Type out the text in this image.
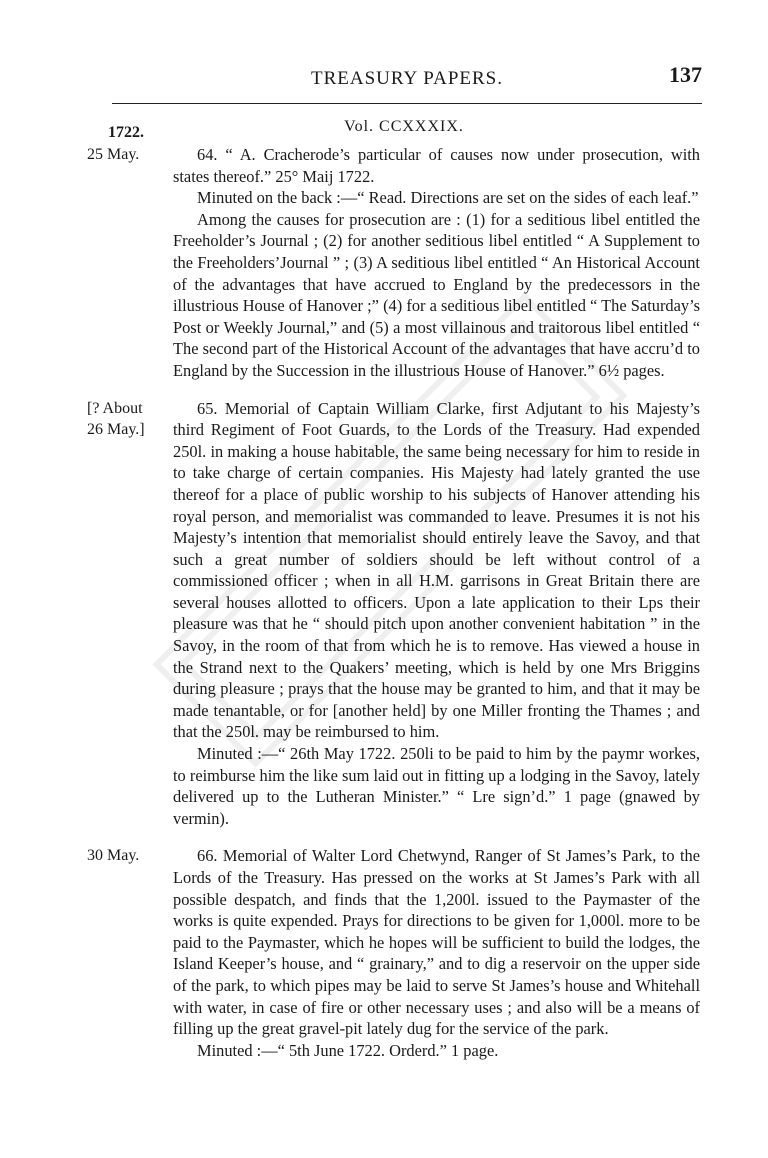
TREASURY PAPERS.	137
1722.	Vol. CCXXXIX.
25 May.	64. “ A. Cracherode’s particular of causes now under prosecution, with states thereof.” 25° Maij 1722.

Minuted on the back :—“ Read. Directions are set on the sides of each leaf.”

Among the causes for prosecution are : (1) for a seditious libel entitled the Freeholder’s Journal ; (2) for another seditious libel entitled “ A Supplement to the Freeholders’Journal ” ; (3) A seditious libel entitled “ An Historical Account of the advantages that have accrued to England by the predecessors in the illustrious House of Hanover ;” (4) for a seditious libel entitled “ The Saturday’s Post or Weekly Journal,” and (5) a most villainous and traitorous libel entitled “ The second part of the Historical Account of the advantages that have accru’d to England by the Succession in the illustrious House of Hanover.” 6½ pages.

[? About
26 May.]

65. Memorial of Captain William Clarke, first Adjutant to his Majesty’s third Regiment of Foot Guards, to the Lords of the Treasury. Had expended 250l. in making a house habitable, the same being necessary for him to reside in to take charge of certain companies. His Majesty had lately granted the use thereof for a place of public worship to his subjects of Hanover attending his royal person, and memorialist was commanded to leave. Presumes it is not his Majesty’s intention that memorialist should entirely leave the Savoy, and that such a great number of soldiers should be left without control of a commissioned officer ; when in all H.M. garrisons in Great Britain there are several houses allotted to officers. Upon a late application to their Lps their pleasure was that he “ should pitch upon another convenient habitation ” in the Savoy, in the room of that from which he is to remove. Has viewed a house in the Strand next to the Quakers’ meeting, which is held by one Mrs Briggins during pleasure ; prays that the house may be granted to him, and that it may be made tenantable, or for [another held] by one Miller fronting the Thames ; and that the 250l. may be reimbursed to him.

Minuted :—“ 26th May 1722. 250li to be paid to him by the paymr workes, to reimburse him the like sum laid out in fitting up a lodging in the Savoy, lately delivered up to the Lutheran Minister.” “ Lre sign’d.” 1 page (gnawed by vermin).

30 May.	66. Memorial of Walter Lord Chetwynd, Ranger of St James’s Park, to the Lords of the Treasury. Has pressed on the works at St James’s Park with all possible despatch, and finds that the 1,200l. issued to the Paymaster of the works is quite expended. Prays for directions to be given for 1,000l. more to be paid to the Paymaster, which he hopes will be sufficient to build the lodges, the Island Keeper’s house, and “ grainary,” and to dig a reservoir on the upper side of the park, to which pipes may be laid to serve St James’s house and Whitehall with water, in case of fire or other necessary uses ; and also will be a means of filling up the great gravel-pit lately dug for the service of the park.

Minuted :—“ 5th June 1722. Orderd.” 1 page.
